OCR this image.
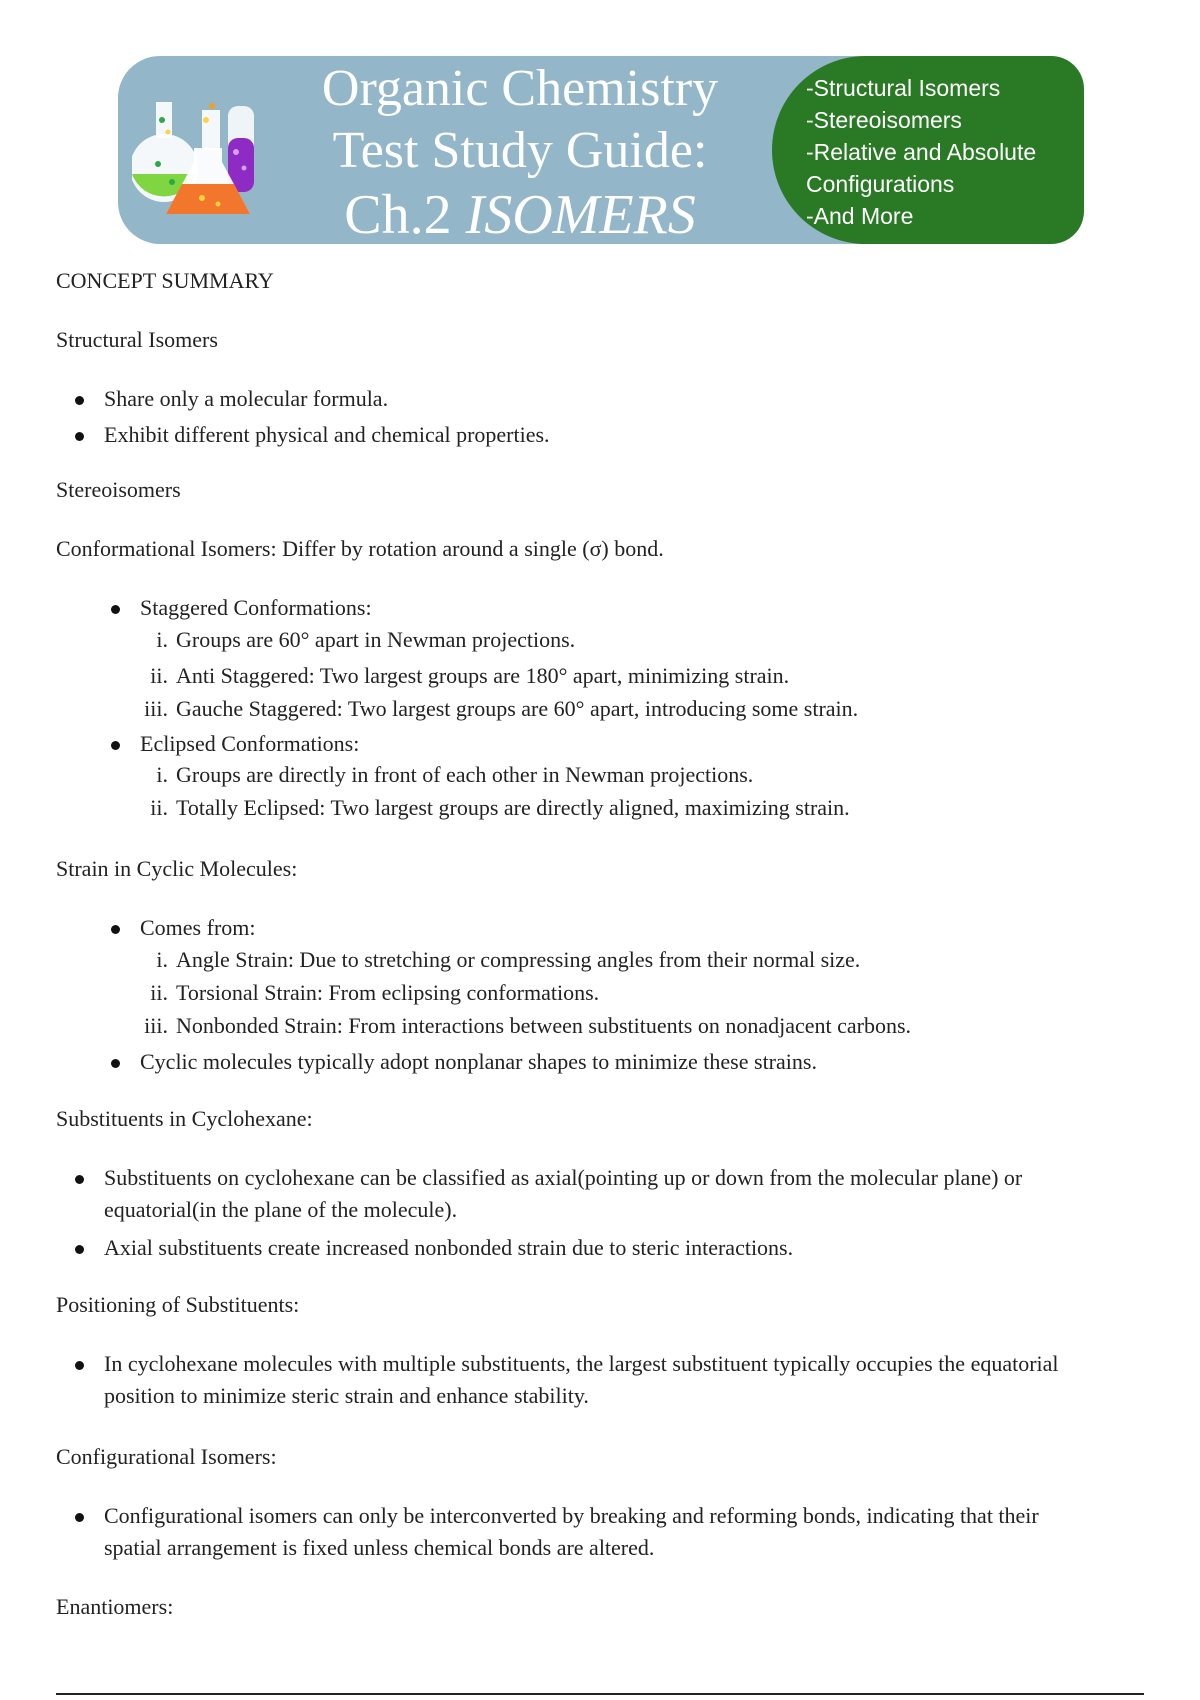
Organic Chemistry
Test Study Guide:
Ch.2 ISOMERS
-Structural Isomers
-Stereoisomers
-Relative and Absolute
Configurations
-And More
CONCEPT SUMMARY
Structural Isomers
Share only a molecular formula.
Exhibit different physical and chemical properties.
Stereoisomers
Conformational Isomers: Differ by rotation around a single (σ) bond.
Staggered Conformations:
i. Groups are 60° apart in Newman projections.
ii. Anti Staggered: Two largest groups are 180° apart, minimizing strain.
iii. Gauche Staggered: Two largest groups are 60° apart, introducing some strain.
Eclipsed Conformations:
i. Groups are directly in front of each other in Newman projections.
ii. Totally Eclipsed: Two largest groups are directly aligned, maximizing strain.
Strain in Cyclic Molecules:
Comes from:
i. Angle Strain: Due to stretching or compressing angles from their normal size.
ii. Torsional Strain: From eclipsing conformations.
iii. Nonbonded Strain: From interactions between substituents on nonadjacent carbons.
Cyclic molecules typically adopt nonplanar shapes to minimize these strains.
Substituents in Cyclohexane:
Substituents on cyclohexane can be classified as axial(pointing up or down from the molecular plane) or
equatorial(in the plane of the molecule).
Axial substituents create increased nonbonded strain due to steric interactions.
Positioning of Substituents:
In cyclohexane molecules with multiple substituents, the largest substituent typically occupies the equatorial
position to minimize steric strain and enhance stability.
Configurational Isomers:
Configurational isomers can only be interconverted by breaking and reforming bonds, indicating that their
spatial arrangement is fixed unless chemical bonds are altered.
Enantiomers:
